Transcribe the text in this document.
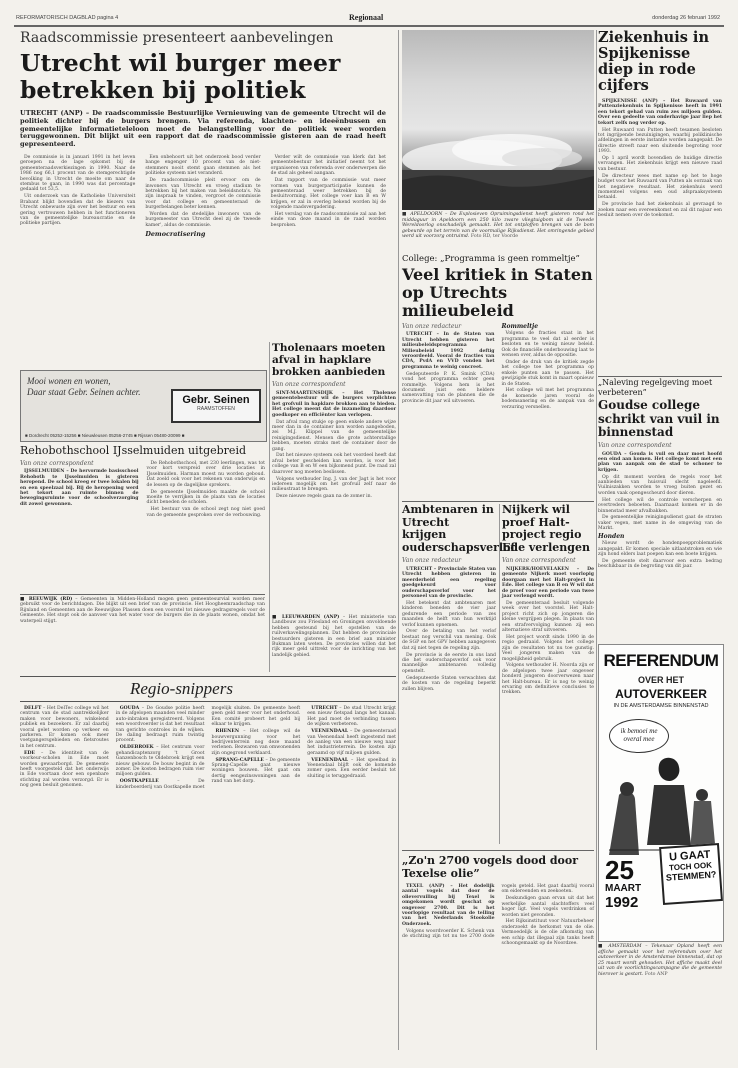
REFORMATORISCH DAGBLAD pagina 4	Regionaal	donderdag 26 februari 1992
Raadscommissie presenteert aanbevelingen
Utrecht wil burger meer betrekken bij politiek
UTRECHT (ANP) – De raadscommissie Bestuurlijke Vernieuwing van de gemeente Utrecht wil de politiek dichter bij de burgers brengen. Via referenda, klachten- en ideeënbussen en gemeentelijke informatieteleloon moet de belangstelling voor de politiek weer worden teruggewonnen. Dit blijkt uit een rapport dat de raadscommissie gisteren aan de raad heeft gepresenteerd.

De commissie is in januari 1991 in het leven geroepen na de lage opkomst bij de gemeenteraadsverkiezingen in 1990. Naar de 1986 nog 66,1 procent van de stemgerechtigde bevolking in Utrecht de moeite om naar de stembus te gaan, in 1990 was dat percentage gedaald tot 53,5.

Uit onderzoek van de Katholieke Universiteit Brabant blijkt bovendien dat de kiezers van Utrecht onbewuste zijn over het bestuur en een gering vertrouwen hebben in het functioneren van de gemeentelijke bureaucratie en de politieke partijen.

Een onbehoort uit het onderzoek bood verder bange engenger 10 procent van de niet-stemmers nooit stemt gaan stemmen als het politieke systeem niet veranderd.

De raadscommissie pleit ervoor om de inwoners van Utrecht en vroeg stadium te betrekken bij het maken van beleidsnota's. Na zijn inspraak te vinden, vergroot de commissie voor dat college en gemeenteraad de burgerbelangen beter kennen.

Worden dat de stedelijke inwoners van de burgemeester van Utrecht deel zij de 'tweede kamer', aldus de commissie.

Democratisering

Verder wilt de commissie van klerk dat het gemeentebestuur het initiatief neemt tot het organiseren van referenda over onderwerpen die de stad als geheel aangaan.

Dat rapport van de commissie wat meer vormen van burgerparticipatie kunnen de gemeenteraad weer betrekken bij de besluitvorming. Het college voer kan B en W krijgen, er zal in overleg bekend worden bij de volgende raadsvergadering.

Het verslag van de raadscommissie zal aan het einde van deze maand in de raad worden besproken.

■ APELDOORN – De Explosieven Opruimingsdienst heeft gisteren rond het middaguur in Apeldoorn een 250 kilo zware vliegtuigbom uit de Tweede Wereldoorlog onschadelijk gemaakt. Het tot ontploffen brengen van de bom gebeurde op het terrein van de voormalige Rijksdienst. Het omringende gebied werd uit voorzorg ontruimd. Foto RD, ter Voorde
Ziekenhuis in Spijkenisse diep in rode cijfers

SPIJKENISSE (ANP) – Het Ruwaard van Puttenziekenhuis in Spijkenisse heeft in 1991 een tekort gehad van ruim zes miljoen gulden. Over een gedeelte van onderhavige jaar liep het tekort zelfs nog verder op.

Het Ruwaard van Putten heeft tesamen besloten tot ingrijpende bezuinigingen, waarbij poliklinische afdelingen in eerste instantie worden aangepakt. De directie streeft naar een sluitende begroting voor 1993.

Op 1 april wordt bovendien de huidige directie vervangen. Het ziekenhuis krijgt een nieuwe raad van bestuur.

De directeur wees met name op het te hoge budget voor het Ruwaard van Putten als oorzaak van het negatieve resultaat. Het ziekenhuis werd momenteel volgens een oud afspraaksysteem betaald.

De provincie had het ziekenhuis al gevraagd te zoeken naar een overeenkomst en zal dit najaar een besluit nemen over de toekomst.

Mooi wonen en wonen,
Daar staat Gebr. Seinen achter.
Gebr. Seinen
RAAMSTOFFEN
■ Dordrecht 05252-15256 ■ Nieuwleusen 05256-2745 ■ Rijssen 05480-20099 ■
Tholenaars moeten afval in hapklare brokken aanbieden
Van onze correspondent

SINT-MAARTENSDIJK – Het Tholense gemeentebestuur wil de burgers verplichten het grofvuil in hapklare brokken aan te bieden. Het college meent dat de inzameling daardoor goedkoper en efficiënter kan verlopen.

Dat afval rang stukje op geen enkele andere wijze meer dan in de container kon worden aangeboden, zei M.J. Klippel van de gemeentelijke reinigingsdienst. Mensen die grote achterstallige hebben, moeten straks met de container door de gang.

Dat het nieuwe systeem ook het voordeel heeft dat afval beter gescheiden kan worden, is voor het college van B en W een bijkomend punt. De raad zal daarover nog moeten beslissen.

Volgens wethouder Ing. J. van der Jagt is het voor iedereen mogelijk om het grofvuil zelf naar de milieustraat te brengen.

Deze nieuwe regels gaan na de zomer in.

■ LEEUWARDEN (ANP) – Het ministerie van Landbouw zou Friesland en Groningen onvoldoende hebben gesteund bij het opstellen van de ruilverkavelingsplannen. Dat hebben de provinciale bestuurders gisteren in een brief aan minister Bukman laten weten. De provincies willen dat het rijk meer geld uittrekt voor de inrichting van het landelijk gebied.
Rehobothschool IJsselmuiden uitgebreid
Van onze correspondent

IJSSELMUIDEN – De hervormde basisschool Rehoboth te IJsselmuiden is gisteren heropend. De school kreeg er twee lokalen bij en een speelzaal bij. Bij de heropening werd het tekort aan ruimte binnen de bewegingsruimte voor de schoolverzorging dit zowel gewonnen.

De Rehobothschool, met 230 leerlingen, was tot voor kort verspreid over drie locaties in IJsselmuiden. Harman moest nu worden geboud. Dat zoeld ook voor het rekenen van onderwijs en de lessen op de dagelijkse sprekers.

De gemeente IJsselmuiden maakte de school moeite te verrijken in de plaats van de locaties dicht beneden de scholen.

Het bestuur van de school zegt nog niet goed van de gemeente gesproken over de verbouwing.

■ REEUWIJK (RD) – Gemeenten in Midden-Holland mogen geen gemeentesurvial worden meer gebruikt voor de berichtdagen. Die blijkt uit een brief van de provincie. Het Hoogheemraadschap van Rijnland en Gemeenten aan de Reeuwijkse Plassen doen een voorstel tot nieuwe gedragsregels voor de Gemeente. Het stopt ook de aanvoer van het water voor de burgers die in de plaats wonen, omdat het waterpeil stijgt.
Regio-snippers

DELFT – Het DelTec college wil het centrum van de stad aantrekkelijker maken voor bewoners, winkelend publiek en bezoekers. Er zal daarbij vooral gelet worden op verkeer en parkeren. Er komen ook meer voetgangersgebieden en fietsroutes in het centrum.

EDE – De identiteit van de voorkeur-scholen in Ede moet worden gewaarborgd. De gemeente heeft voorgesteld dat het onderwijs in Ede voortaan door een openbare stichting zal worden verzorgd. Er is nog geen besluit genomen.

GOUDA – De Goudse politie heeft in de afgelopen maanden veel minder auto-inbraken geregistreerd. Volgens een woordvoerder is dat het resultaat van gerichte controles in de wijken. De daling bedraagt ruim twintig procent.

OLDEBROEK – Het centrum voor gehandicaptenzorg 't Groot Ganzenbosch te Oldebroek krijgt een nieuw gebouw. De bouw begint in de zomer. De kosten bedragen ruim vier miljoen gulden.

OOSTKAPELLE	– De kinderboerderij van Oostkapelle moet mogelijk sluiten. De gemeente heeft geen geld meer voor het onderhoud. Een comité probeert het geld bij elkaar te krijgen.

RHENEN – Het college wil de bouwvergunning voor het bedrijventerrein nog deze maand verlenen. Bezwaren van omwonenden zijn ongegrond verklaard.

SPRANG-CAPELLE – De gemeente Sprang-Capelle gaat nieuwe woningen bouwen. Het gaat om dertig eengezinswoningen aan de rand van het dorp.

UTRECHT – De stad Utrecht krijgt een nieuw fietspad langs het kanaal. Het pad moet de verbinding tussen de wijken verbeteren.

VEENENDAAL – De gemeenteraad van Veenendaal heeft ingestemd met de aanleg van een nieuwe weg naar het industrieterrein. De kosten zijn geraamd op vijf miljoen gulden.

VEENENDAAL – Het speelbad in Veenendaal blijft ook de komende zomer open. Een eerder besluit tot sluiting is teruggedraaid.

College: „Programma is geen rommeltje”
Veel kritiek in Staten op Utrechts milieubeleid
Van onze redacteur

UTRECHT – In de Staten van Utrecht hebben gisteren het milieubeleidsprogramma Milieubeleid 1992 deftig veroordeeld. Vooral de fracties van CDA, PvdA en VVD vonden het programma te weinig concreet.

Gedeputeerde P. K. Smink (CDA) vond het programma echter geen rommeltje. Volgens hem is het document juist een heldere samenvatting van de plannen die de provincie dit jaar wil uitvoeren.

Rommeltje

Volgens de fracties staat in het programma te veel dat al eerder is besloten en te weinig nieuw beleid. Ook de financiële onderbouwing laat te wensen over, aldus de oppositie.

Onder de druk van de kritiek zegde het college toe het programma op enkele punten aan te passen. Het gewijzigde stuk komt in maart opnieuw in de Staten.

Het college wil met het programma de komende jaren vooral de bodemsanering en de aanpak van de verzuring versnellen.

„Naleving regelgeving moet verbeteren”
Goudse college schrikt van vuil in binnenstad
Van onze correspondent

GOUDA – Gouda is vuil en daar moet hoofd een eind aan komen. Het college komt met een plan van aanpak om de stad te schoner te krijgen.

Op dit moment worden de regels voor het aanbieden van huisvuil slecht nageleefd. Vuilniszakken worden te vroeg buiten gezet en worden vaak opengescheurd door dieren.

Het college wil de controle verscherpen en overtreders beboeten. Daarnaast komen er in de binnenstad meer afvalbakken.

De gemeentelijke reinigingsdienst gaat de straten vaker vegen, met name in de omgeving van de Markt.

Honden

Nieuw wordt de hondenpoepproblematiek aangepakt. Er komen speciale uitlaatstroken en wie zijn hond elders laat poepen kan een boete krijgen.

De gemeente stelt daarvoor een extra bedrag beschikbaar in de begroting van dit jaar.

Ambtenaren in Utrecht krijgen ouderschapsverlof
Van onze redacteur

UTRECHT – Provinciale Staten van Utrecht hebben gisteren in meerderheid een regeling goedgekeurd voor ouderschapsverlof voor het personeel van de provincie.

Het betekent dat ambtenaren met kinderen beneden de vier jaar gedurende een periode van zes maanden de helft van hun werktijd verlof kunnen opnemen.

Over de betaling van het verlof bestaat nog verschil van mening. Ook de SGP en het GPV hebben aangegeven dat zij niet tegen de regeling zijn.

De provincie is de eerste in ons land die het ouderschapsverlof ook voor mannelijke ambtenaren volledig openstelt.

Gedeputeerde Staten verwachten dat de kosten van de regeling beperkt zullen blijven.

Nijkerk wil proef Halt-project regio Ede verlengen
Van onze correspondent

NIJKERK/HOEVELAKEN – De gemeente Nijkerk moet voorlopig doorgaan met het Halt-project in Ede. Het college van B en W wil dat de proef voor een periode van twee jaar verlengd wordt.

De gemeenteraad besluit volgende week over het voorstel. Het Halt-project richt zich op jongeren die kleine vergrijpen plegen. In plaats van een strafvervolging kunnen zij een alternatieve straf uitvoeren.

Het project wordt sinds 1990 in de regio gedraaid. Volgens het college zijn de resultaten tot nu toe gunstig. Veel jongeren maken van de mogelijkheid gebruik.

Volgens wethouder H. Noorda zijn er de afgelopen twee jaar ongeveer honderd jongeren doorverwezen naar het Halt-bureau. Er is nog te weinig ervaring om definitieve conclusies te trekken.

REFERENDUM
OVER HET
AUTOVERKEER
IN DE AMSTERDAMSE BINNENSTAD
ik bemoei me overal mee
25
MAART
1992
U GAAT
TOCH OOK
STEMMEN?
■ AMSTERDAM – Tekenaar Opland heeft een affiche gemaakt voor het referendum over het autoverkeer in de Amsterdamse binnenstad, dat op 25 maart wordt gehouden. Het affiche maakt deel uit van de voorlichtingscampagne die de gemeente hierover is gestart. Foto ANP
„Zo'n 2700 vogels dood door Texelse olie”

TEXEL (ANP) – Het dodelijk aantal vogels dat door de olievervuiling bij Texel is omgekomen wordt geschat op ongeveer 2700. Dit is het voorlopige resultaat van de telling van het Nederlands Stookolie Onderzoek.

Volgens woordvoerder K. Schenk van de stichting zijn tot nu toe 2700 dode vogels geteld. Het gaat daarbij vooral om eidereenden en zeekoeten.

Deskundigen gaan ervan uit dat het werkelijke aantal slachtoffers veel hoger ligt. Veel vogels verdrinken of worden niet gevonden.

Het Rijksinstituut voor Natuurbeheer onderzoekt de herkomst van de olie. Vermoedelijk is de olie afkomstig van een schip dat illegaal zijn tanks heeft schoongemaakt op de Noordzee.
